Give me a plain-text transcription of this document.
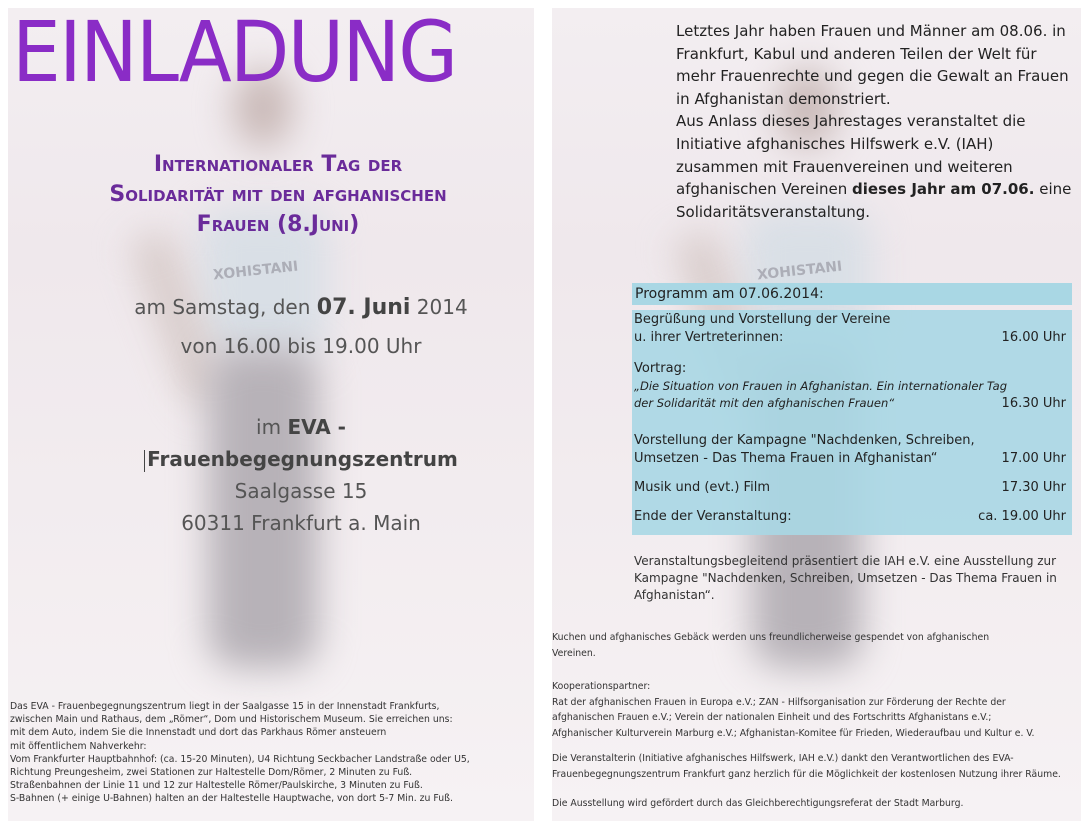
XOHISTANI
EINLADUNG
Internationaler Tag der
Solidarität mit den afghanischen
Frauen (8.Juni)
am Samstag, den 07. Juni 2014
von 16.00 bis 19.00 Uhr
im EVA -
Frauenbegegnungszentrum
Saalgasse 15
60311 Frankfurt a. Main

Das EVA - Frauenbegegnungszentrum liegt in der Saalgasse 15 in der Innenstadt Frankfurts,

zwischen Main und Rathaus, dem „Römer“, Dom und Historischem Museum. Sie erreichen uns:

mit dem Auto, indem Sie die Innenstadt und dort das Parkhaus Römer ansteuern

mit öffentlichem Nahverkehr:

Vom Frankfurter Hauptbahnhof: (ca. 15-20 Minuten), U4 Richtung Seckbacher Landstraße oder U5,

Richtung Preungesheim, zwei Stationen zur Haltestelle Dom/Römer, 2 Minuten zu Fuß.

Straßenbahnen der Linie 11 und 12 zur Haltestelle Römer/Paulskirche, 3 Minuten zu Fuß.

S-Bahnen (+ einige U-Bahnen) halten an der Haltestelle Hauptwache, von dort 5-7 Min. zu Fuß.

XOHISTANI
Letztes Jahr haben Frauen und Männer am 08.06. in Frankfurt, Kabul und anderen Teilen der Welt für mehr Frauenrechte und gegen die Gewalt an Frauen in Afghanistan demonstriert.
Aus Anlass dieses Jahrestages veranstaltet die Initiative afghanisches Hilfswerk e.V. (IAH) zusammen mit Frauenvereinen und weiteren afghanischen Vereinen dieses Jahr am 07.06. eine Solidaritätsveranstaltung.
Programm am 07.06.2014:
Begrüßung und Vorstellung der Vereine
u. ihrer Vertreterinnen:	16.00 Uhr
Vortrag:
„Die Situation von Frauen in Afghanistan. Ein internationaler Tag
der Solidarität mit den afghanischen Frauen“	16.30 Uhr
Vorstellung der Kampagne "Nachdenken, Schreiben,
Umsetzen - Das Thema Frauen in Afghanistan“	17.00 Uhr
Musik und (evt.) Film	17.30 Uhr
Ende der Veranstaltung:	ca. 19.00 Uhr
Veranstaltungsbegleitend präsentiert die IAH e.V. eine Ausstellung zur Kampagne "Nachdenken, Schreiben, Umsetzen - Das Thema Frauen in Afghanistan“.

Kuchen und afghanisches Gebäck werden uns freundlicherweise gespendet von afghanischen

Vereinen.

Kooperationspartner:

Rat der afghanischen Frauen in Europa e.V.; ZAN - Hilfsorganisation zur Förderung der Rechte der

afghanischen Frauen e.V.; Verein der nationalen Einheit und des Fortschritts Afghanistans e.V.;

Afghanischer Kulturverein Marburg e.V.; Afghanistan-Komitee für Frieden, Wiederaufbau und Kultur e. V.

Die Veranstalterin (Initiative afghanisches Hilfswerk, IAH e.V.) dankt den Verantwortlichen des EVA-

Frauenbegegnungszentrum Frankfurt ganz herzlich für die Möglichkeit der kostenlosen Nutzung ihrer Räume.

Die Ausstellung wird gefördert durch das Gleichberechtigungsreferat der Stadt Marburg.
